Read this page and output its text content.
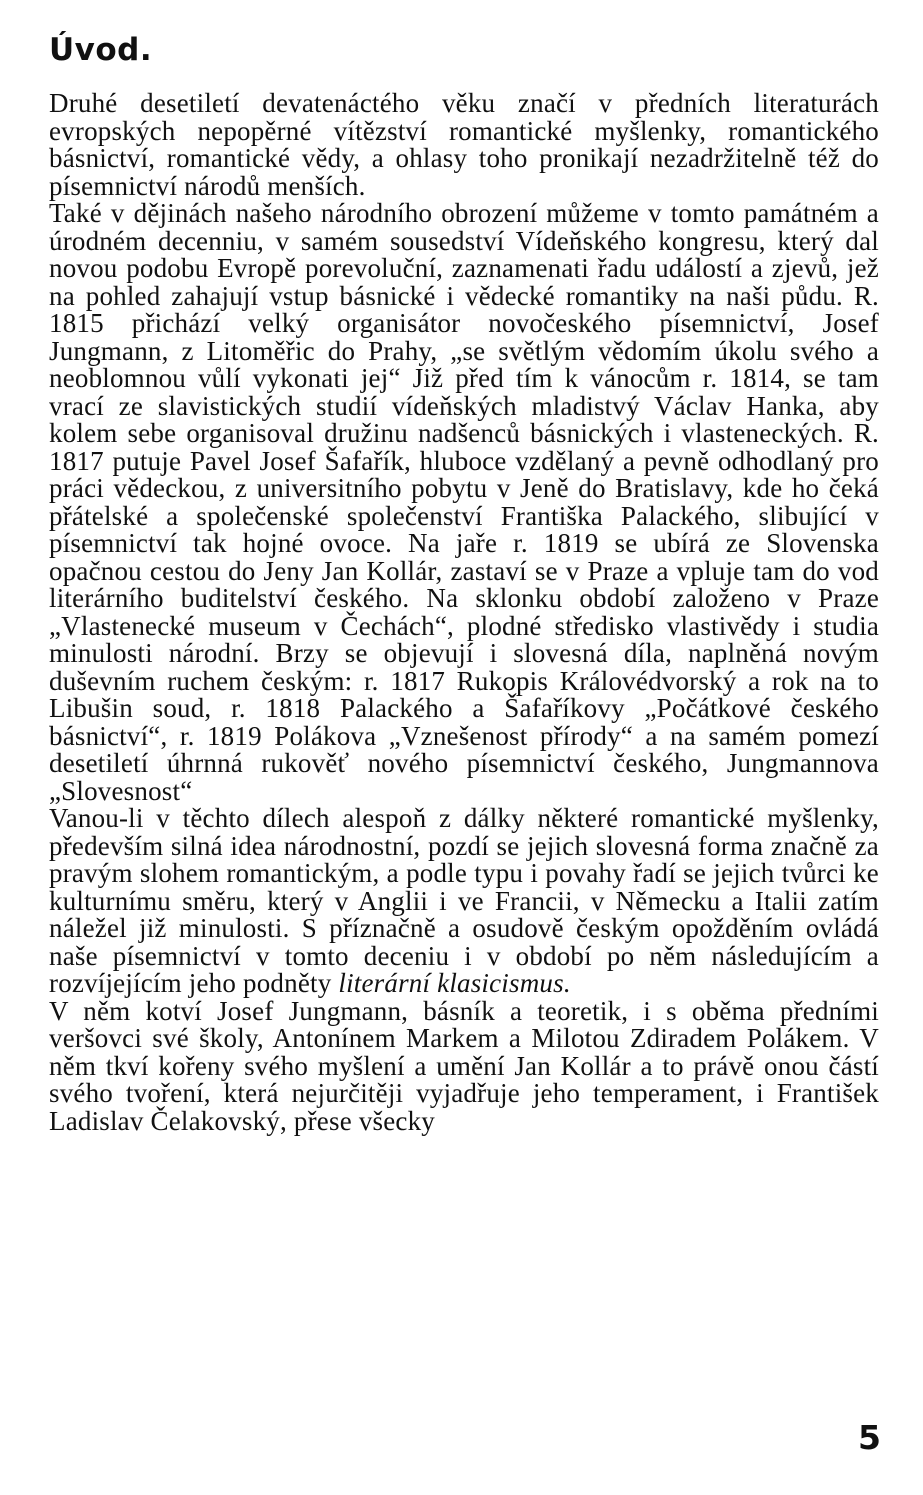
Úvod.

Druhé desetiletí devatenáctého věku značí v předních literaturách evropských nepopěrné vítězství romantické myšlenky, romantického básnictví, romantické vědy, a ohlasy toho pronikají nezadržitelně též do písemnictví národů menších.

Také v dějinách našeho národního obrození můžeme v tomto památném a úrodném decenniu, v samém sousedství Vídeňského kongresu, který dal novou podobu Evropě porevoluční, zaznamenati řadu událostí a zjevů, jež na pohled zahajují vstup básnické i vědecké romantiky na naši půdu. R. 1815 přichází velký organisátor novočeského písemnictví, Josef Jungmann, z Litoměřic do Prahy, „se světlým vědomím úkolu svého a neoblomnou vůlí vykonati jej“ Již před tím k vánocům r. 1814, se tam vrací ze slavistických studií vídeňských mladistvý Václav Hanka, aby kolem sebe organisoval družinu nadšenců básnických i vlasteneckých. R. 1817 putuje Pavel Josef Šafařík, hluboce vzdělaný a pevně odhodlaný pro práci vědeckou, z universitního pobytu v Jeně do Bratislavy, kde ho čeká přátelské a společenské společenství Františka Palackého, slibující v písemnictví tak hojné ovoce. Na jaře r. 1819 se ubírá ze Slovenska opačnou cestou do Jeny Jan Kollár, zastaví se v Praze a vpluje tam do vod literárního buditelství českého. Na sklonku období založeno v Praze „Vlastenecké museum v Čechách“, plodné středisko vlastivědy i studia minulosti národní. Brzy se objevují i slovesná díla, naplněná novým duševním ruchem českým: r. 1817 Rukopis Královédvorský a rok na to Libušin soud, r. 1818 Palackého a Šafaříkovy „Počátkové českého básnictví“, r. 1819 Polákova „Vznešenost přírody“ a na samém pomezí desetiletí úhrnná rukověť nového písemnictví českého, Jungmannova „Slovesnost“

Vanou-li v těchto dílech alespoň z dálky některé romantické myšlenky, především silná idea národnostní, pozdí se jejich slovesná forma značně za pravým slohem romantickým, a podle typu i povahy řadí se jejich tvůrci ke kulturnímu směru, který v Anglii i ve Francii, v Německu a Italii zatím náležel již minulosti. S příznačně a osudově českým opožděním ovládá naše písemnictví v tomto deceniu i v období po něm následujícím a rozvíjejícím jeho podněty literární klasicismus.

V něm kotví Josef Jungmann, básník a teoretik, i s oběma předními veršovci své školy, Antonínem Markem a Milotou Zdiradem Polákem. V něm tkví kořeny svého myšlení a umění Jan Kollár a to právě onou částí svého tvoření, která nejurčitěji vyjadřuje jeho temperament, i František Ladislav Čelakovský, přese všecky

5
